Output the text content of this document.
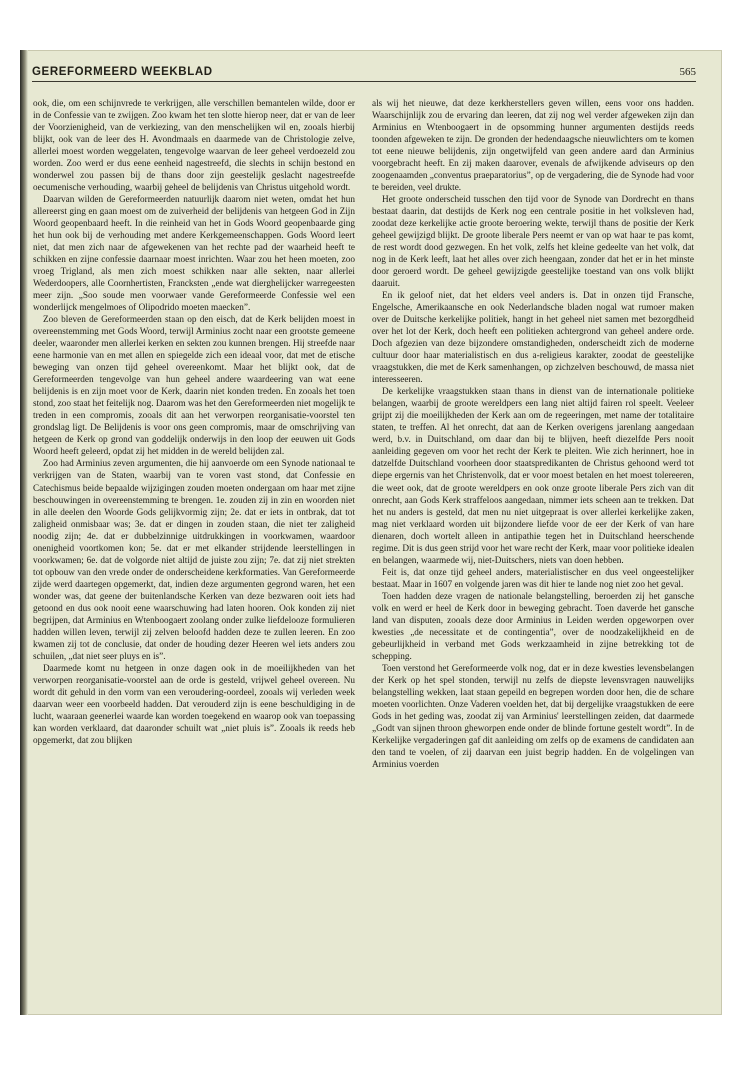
GEREFORMEERD WEEKBLAD	565

ook, die, om een schijnvrede te verkrijgen, alle verschillen bemantelen wilde, door er in de Confessie van te zwijgen. Zoo kwam het ten slotte hierop neer, dat er van de leer der Voorzienigheid, van de verkiezing, van den menschelijken wil en, zooals hierbij blijkt, ook van de leer des H. Avondmaals en daarmede van de Christologie zelve, allerlei moest worden weggelaten, tengevolge waarvan de leer geheel verdoezeld zou worden. Zoo werd er dus eene eenheid nagestreefd, die slechts in schijn bestond en wonderwel zou passen bij de thans door zijn geestelijk geslacht nagestreefde oecumenische verhouding, waarbij geheel de belijdenis van Christus uitgehold wordt.

Daarvan wilden de Gereformeerden natuurlijk daarom niet weten, omdat het hun allereerst ging en gaan moest om de zuiverheid der belijdenis van hetgeen God in Zijn Woord geopenbaard heeft. In die reinheid van het in Gods Woord geopenbaarde ging het hun ook bij de verhouding met andere Kerkgemeenschappen. Gods Woord leert niet, dat men zich naar de afgewekenen van het rechte pad der waarheid heeft te schikken en zijne confessie daarnaar moest inrichten. Waar zou het heen moeten, zoo vroeg Trigland, als men zich moest schikken naar alle sekten, naar allerlei Wederdoopers, alle Coornhertisten, Francksten „ende wat dierghelijcker warregeesten meer zijn. „Soo soude men voorwaer vande Gereformeerde Confessie wel een wonderlijck mengelmoes of Olipodrido moeten maecken”.

Zoo bleven de Gereformeerden staan op den eisch, dat de Kerk belijden moest in overeenstemming met Gods Woord, terwijl Arminius zocht naar een grootste gemeene deeler, waaronder men allerlei kerken en sekten zou kunnen brengen. Hij streefde naar eene harmonie van en met allen en spiegelde zich een ideaal voor, dat met de etische beweging van onzen tijd geheel overeenkomt. Maar het blijkt ook, dat de Gereformeerden tengevolge van hun geheel andere waardeering van wat eene belijdenis is en zijn moet voor de Kerk, daarin niet konden treden. En zooals het toen stond, zoo staat het feitelijk nog. Daarom was het den Gereformeerden niet mogelijk te treden in een compromis, zooals dit aan het verworpen reorganisatie-voorstel ten grondslag ligt. De Belijdenis is voor ons geen compromis, maar de omschrijving van hetgeen de Kerk op grond van goddelijk onderwijs in den loop der eeuwen uit Gods Woord heeft geleerd, opdat zij het midden in de wereld belijden zal.

Zoo had Arminius zeven argumenten, die hij aanvoerde om een Synode nationaal te verkrijgen van de Staten, waarbij van te voren vast stond, dat Confessie en Catechismus beide bepaalde wijzigingen zouden moeten ondergaan om haar met zijne beschouwingen in overeenstemming te brengen. 1e. zouden zij in zin en woorden niet in alle deelen den Woorde Gods gelijkvormig zijn; 2e. dat er iets in ontbrak, dat tot zaligheid onmisbaar was; 3e. dat er dingen in zouden staan, die niet ter zaligheid noodig zijn; 4e. dat er dubbelzinnige uitdrukkingen in voorkwamen, waardoor onenigheid voortkomen kon; 5e. dat er met elkander strijdende leerstellingen in voorkwamen; 6e. dat de volgorde niet altijd de juiste zou zijn; 7e. dat zij niet strekten tot opbouw van den vrede onder de onderscheidene kerkformaties. Van Gereformeerde zijde werd daartegen opgemerkt, dat, indien deze argumenten gegrond waren, het een wonder was, dat geene der buitenlandsche Kerken van deze bezwaren ooit iets had getoond en dus ook nooit eene waarschuwing had laten hooren. Ook konden zij niet begrijpen, dat Arminius en Wtenboogaert zoolang onder zulke liefdelooze formulieren hadden willen leven, terwijl zij zelven beloofd hadden deze te zullen leeren. En zoo kwamen zij tot de conclusie, dat onder de houding dezer Heeren wel iets anders zou schuilen, „dat niet seer pluys en is”.

Daarmede komt nu hetgeen in onze dagen ook in de moeilijkheden van het verworpen reorganisatie-voorstel aan de orde is gesteld, vrijwel geheel overeen. Nu wordt dit gehuld in den vorm van een veroudering-oordeel, zooals wij verleden week daarvan weer een voorbeeld hadden. Dat verouderd zijn is eene beschuldiging in de lucht, waaraan geenerlei waarde kan worden toegekend en waarop ook van toepassing kan worden verklaard, dat daaronder schuilt wat „niet pluis is”. Zooals ik reeds heb opgemerkt, dat zou blijken

als wij het nieuwe, dat deze kerkherstellers geven willen, eens voor ons hadden. Waarschijnlijk zou de ervaring dan leeren, dat zij nog wel verder afgeweken zijn dan Arminius en Wtenboogaert in de opsomming hunner argumenten destijds reeds toonden afgeweken te zijn. De gronden der hedendaagsche nieuwlichters om te komen tot eene nieuwe belijdenis, zijn ongetwijfeld van geen andere aard dan Arminius voorgebracht heeft. En zij maken daarover, evenals de afwijkende adviseurs op den zoogenaamden „conventus praeparatorius”, op de vergadering, die de Synode had voor te bereiden, veel drukte.

Het groote onderscheid tusschen den tijd voor de Synode van Dordrecht en thans bestaat daarin, dat destijds de Kerk nog een centrale positie in het volksleven had, zoodat deze kerkelijke actie groote beroering wekte, terwijl thans de positie der Kerk geheel gewijzigd blijkt. De groote liberale Pers neemt er van op wat haar te pas komt, de rest wordt dood gezwegen. En het volk, zelfs het kleine gedeelte van het volk, dat nog in de Kerk leeft, laat het alles over zich heengaan, zonder dat het er in het minste door geroerd wordt. De geheel gewijzigde geestelijke toestand van ons volk blijkt daaruit.

En ik geloof niet, dat het elders veel anders is. Dat in onzen tijd Fransche, Engelsche, Amerikaansche en ook Nederlandsche bladen nogal wat rumoer maken over de Duitsche kerkelijke politiek, hangt in het geheel niet samen met bezorgdheid over het lot der Kerk, doch heeft een politieken achtergrond van geheel andere orde. Doch afgezien van deze bijzondere omstandigheden, onderscheidt zich de moderne cultuur door haar materialistisch en dus a-religieus karakter, zoodat de geestelijke vraagstukken, die met de Kerk samenhangen, op zichzelven beschouwd, de massa niet interesseeren.

De kerkelijke vraagstukken staan thans in dienst van de internationale politieke belangen, waarbij de groote wereldpers een lang niet altijd fairen rol speelt. Veeleer grijpt zij die moeilijkheden der Kerk aan om de regeeringen, met name der totalitaire staten, te treffen. Al het onrecht, dat aan de Kerken overigens jarenlang aangedaan werd, b.v. in Duitschland, om daar dan bij te blijven, heeft diezelfde Pers nooit aanleiding gegeven om voor het recht der Kerk te pleiten. Wie zich herinnert, hoe in datzelfde Duitschland voorheen door staatspredikanten de Christus gehoond werd tot diepe ergernis van het Christenvolk, dat er voor moest betalen en het moest tolereeren, die weet ook, dat de groote wereldpers en ook onze groote liberale Pers zich van dit onrecht, aan Gods Kerk straffeloos aangedaan, nimmer iets scheen aan te trekken. Dat het nu anders is gesteld, dat men nu niet uitgepraat is over allerlei kerkelijke zaken, mag niet verklaard worden uit bijzondere liefde voor de eer der Kerk of van hare dienaren, doch wortelt alleen in antipathie tegen het in Duitschland heerschende regime. Dit is dus geen strijd voor het ware recht der Kerk, maar voor politieke idealen en belangen, waarmede wij, niet-Duitschers, niets van doen hebben.

Feit is, dat onze tijd geheel anders, materialistischer en dus veel ongeestelijker bestaat. Maar in 1607 en volgende jaren was dit hier te lande nog niet zoo het geval.

Toen hadden deze vragen de nationale belangstelling, beroerden zij het gansche volk en werd er heel de Kerk door in beweging gebracht. Toen daverde het gansche land van disputen, zooals deze door Arminius in Leiden werden opgeworpen over kwesties „de necessitate et de contingentia”, over de noodzakelijkheid en de gebeurlijkheid in verband met Gods werkzaamheid in zijne betrekking tot de schepping.

Toen verstond het Gereformeerde volk nog, dat er in deze kwesties levensbelangen der Kerk op het spel stonden, terwijl nu zelfs de diepste levensvragen nauwelijks belangstelling wekken, laat staan gepeild en begrepen worden door hen, die de schare moeten voorlichten. Onze Vaderen voelden het, dat bij dergelijke vraagstukken de eere Gods in het geding was, zoodat zij van Arminius' leerstellingen zeiden, dat daarmede „Godt van sijnen throon gheworpen ende onder de blinde fortune gestelt wordt”. In de Kerkelijke vergaderingen gaf dit aanleiding om zelfs op de examens de candidaten aan den tand te voelen, of zij daarvan een juist begrip hadden. En de volgelingen van Arminius voerden
